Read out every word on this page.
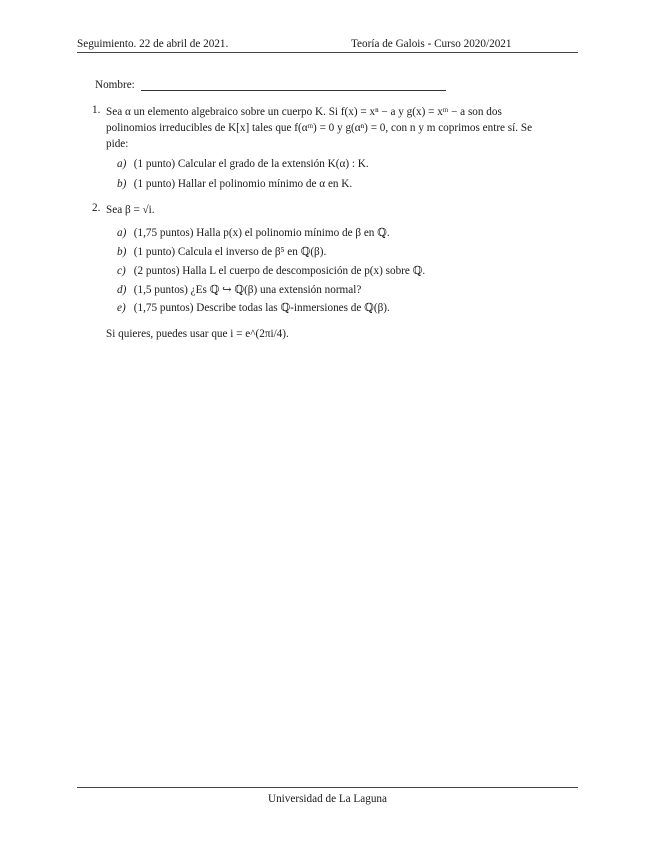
Seguimiento. 22 de abril de 2021.	Teoría de Galois - Curso 2020/2021
Nombre:
1. Sea α un elemento algebraico sobre un cuerpo K. Si f(x) = xⁿ − a y g(x) = xᵐ − a son dos
polinomios irreducibles de K[x] tales que f(αᵐ) = 0 y g(αⁿ) = 0, con n y m coprimos entre sí. Se
pide:
a) (1 punto) Calcular el grado de la extensión K(α) : K.
b) (1 punto) Hallar el polinomio mínimo de α en K.
2. Sea β = √i.
a) (1,75 puntos) Halla p(x) el polinomio mínimo de β en ℚ.
b) (1 punto) Calcula el inverso de β⁵ en ℚ(β).
c) (2 puntos) Halla L el cuerpo de descomposición de p(x) sobre ℚ.
d) (1,5 puntos) ¿Es ℚ ↪ ℚ(β) una extensión normal?
e) (1,75 puntos) Describe todas las ℚ-inmersiones de ℚ(β).
Si quieres, puedes usar que i = e^(2πi/4).
Universidad de La Laguna
